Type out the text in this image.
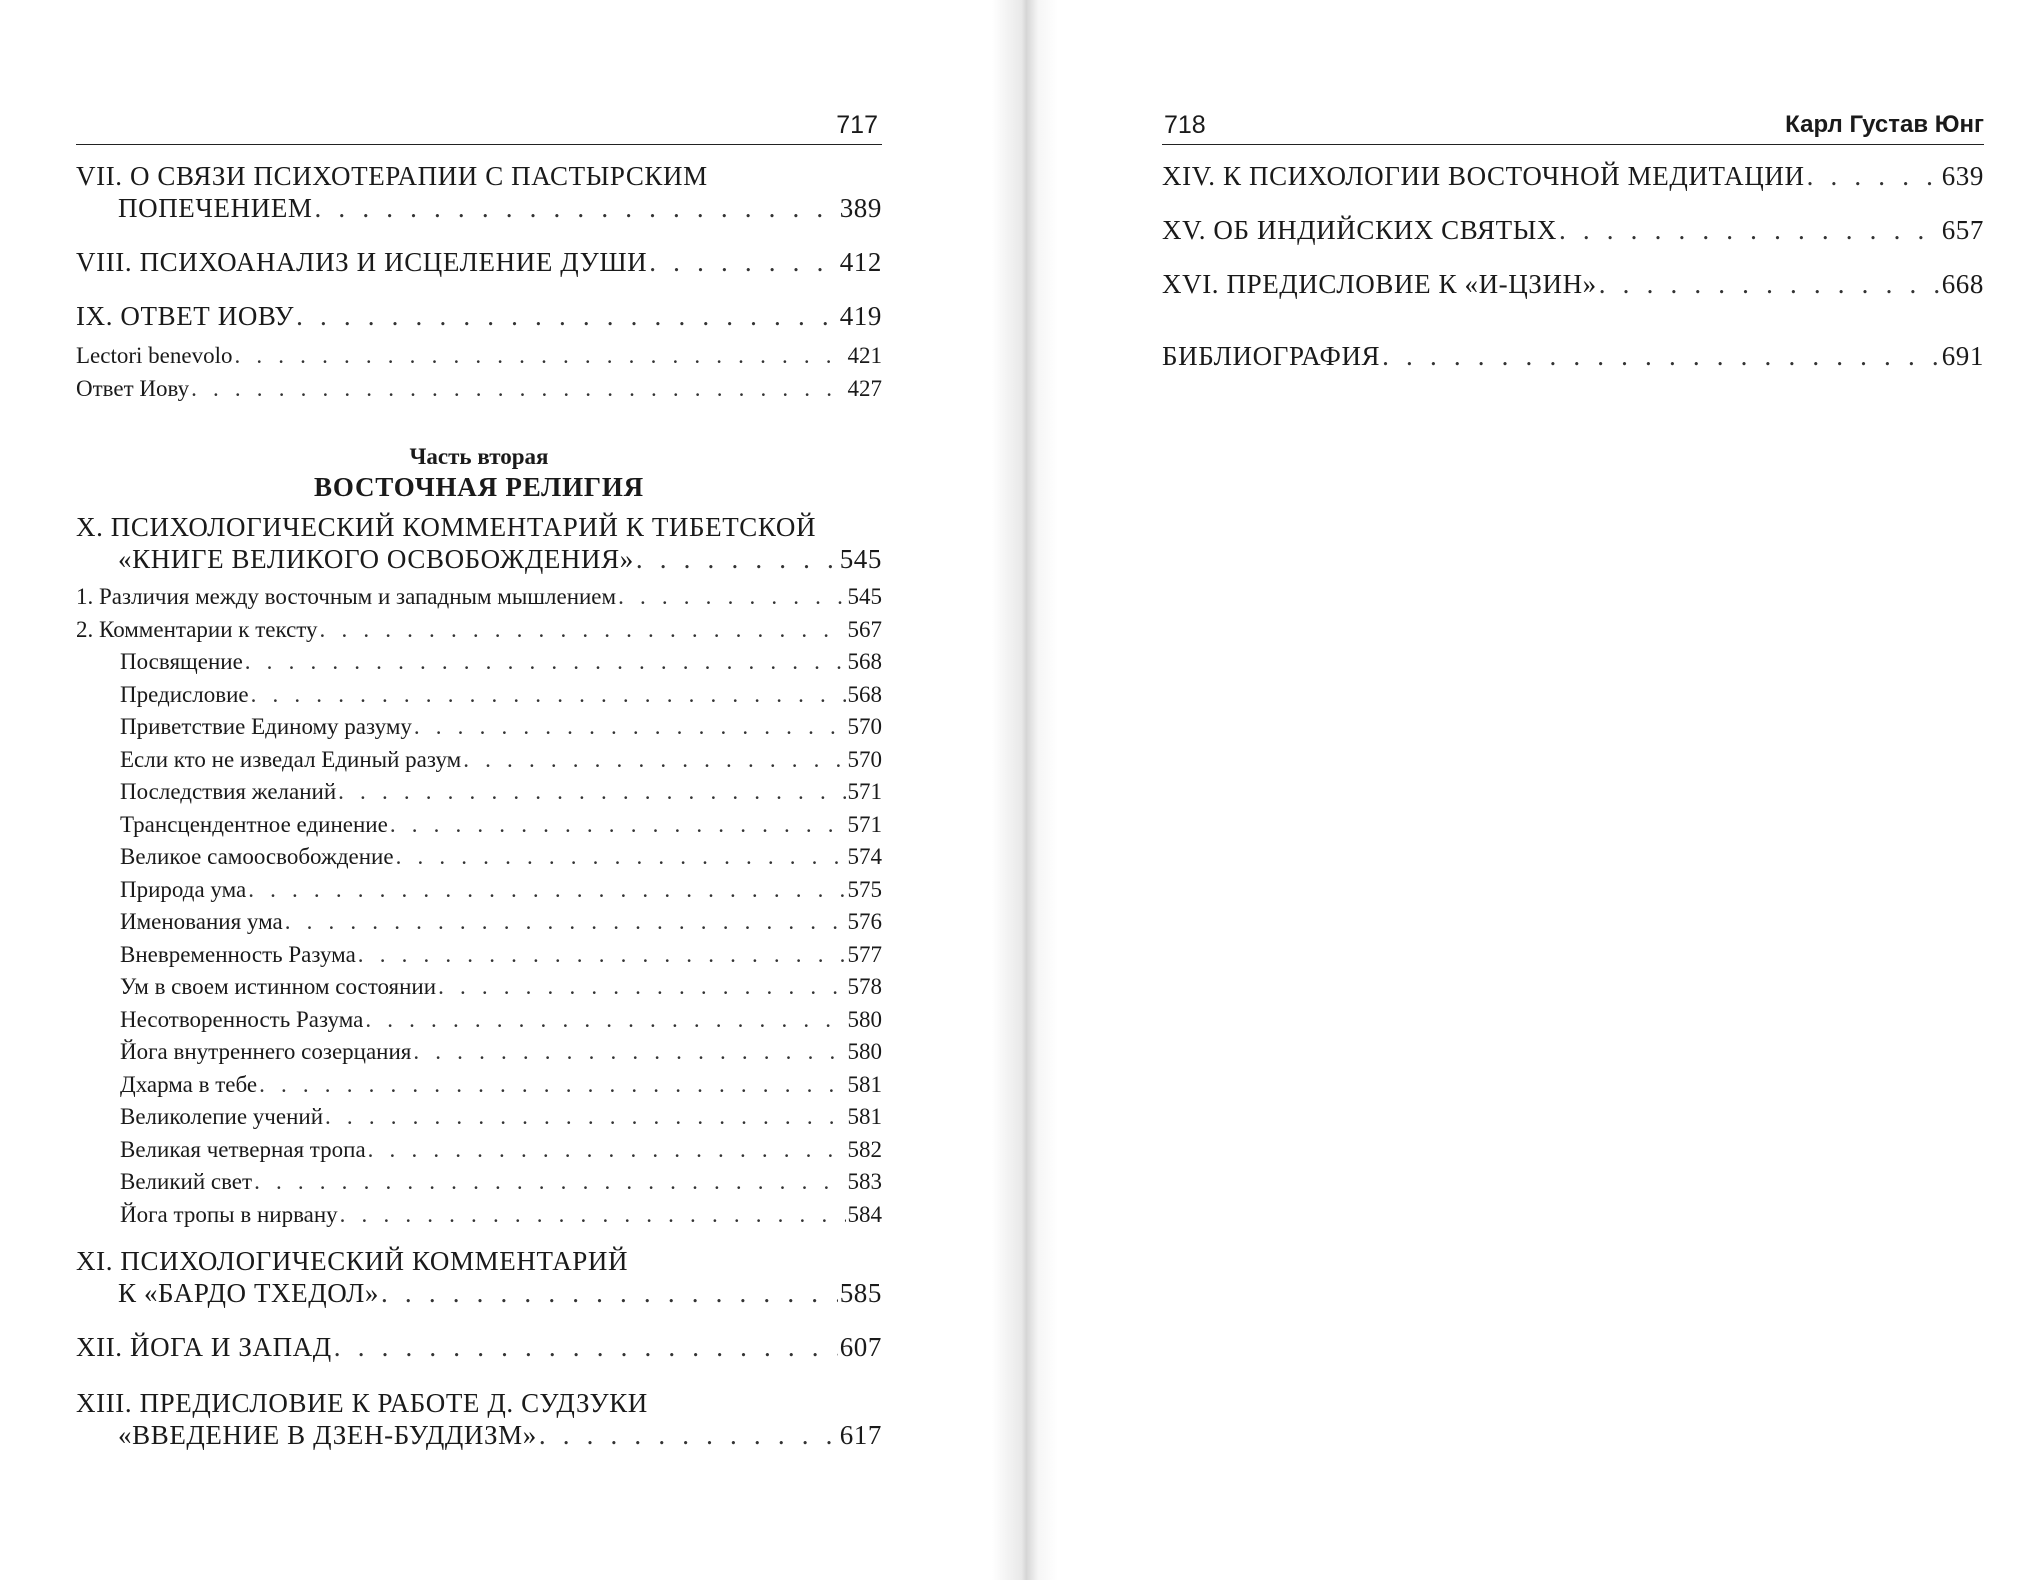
717
VII. О СВЯЗИ ПСИХОТЕРАПИИ С ПАСТЫРСКИМ
ПОПЕЧЕНИЕМ . . .	389
VIII. ПСИХОАНАЛИЗ И ИСЦЕЛЕНИЕ ДУШИ . . .	412
IX. ОТВЕТ ИОВУ . . .	419
Lectori benevolo . . .	421
Ответ Иову . . .	427
Часть вторая
ВОСТОЧНАЯ РЕЛИГИЯ
X. ПСИХОЛОГИЧЕСКИЙ КОММЕНТАРИЙ К ТИБЕТСКОЙ
«КНИГЕ ВЕЛИКОГО ОСВОБОЖДЕНИЯ» . . .	545
1. Различия между восточным и западным мышлением . . .	545
2. Комментарии к тексту . . .	567
Посвящение . . .	568
Предисловие . . .	568
Приветствие Единому разуму . . .	570
Если кто не изведал Единый разум . . .	570
Последствия желаний . . .	571
Трансцендентное единение . . .	571
Великое самоосвобождение . . .	574
Природа ума . . .	575
Именования ума . . .	576
Вневременность Разума . . .	577
Ум в своем истинном состоянии . . .	578
Несотворенность Разума . . .	580
Йога внутреннего созерцания . . .	580
Дхарма в тебе . . .	581
Великолепие учений . . .	581
Великая четверная тропа . . .	582
Великий свет . . .	583
Йога тропы в нирвану . . .	584
XI. ПСИХОЛОГИЧЕСКИЙ КОММЕНТАРИЙ
К «БАРДО ТХЕДОЛ» . . .	585
XII. ЙОГА И ЗАПАД . . .	607
XIII. ПРЕДИСЛОВИЕ К РАБОТЕ Д. СУДЗУКИ
«ВВЕДЕНИЕ В ДЗЕН-БУДДИЗМ» . . .	617
718	Карл Густав Юнг
XIV. К ПСИХОЛОГИИ ВОСТОЧНОЙ МЕДИТАЦИИ . . .	639
XV. ОБ ИНДИЙСКИХ СВЯТЫХ . . .	657
XVI. ПРЕДИСЛОВИЕ К «И-ЦЗИН» . . .	668
БИБЛИОГРАФИЯ . . .	691
